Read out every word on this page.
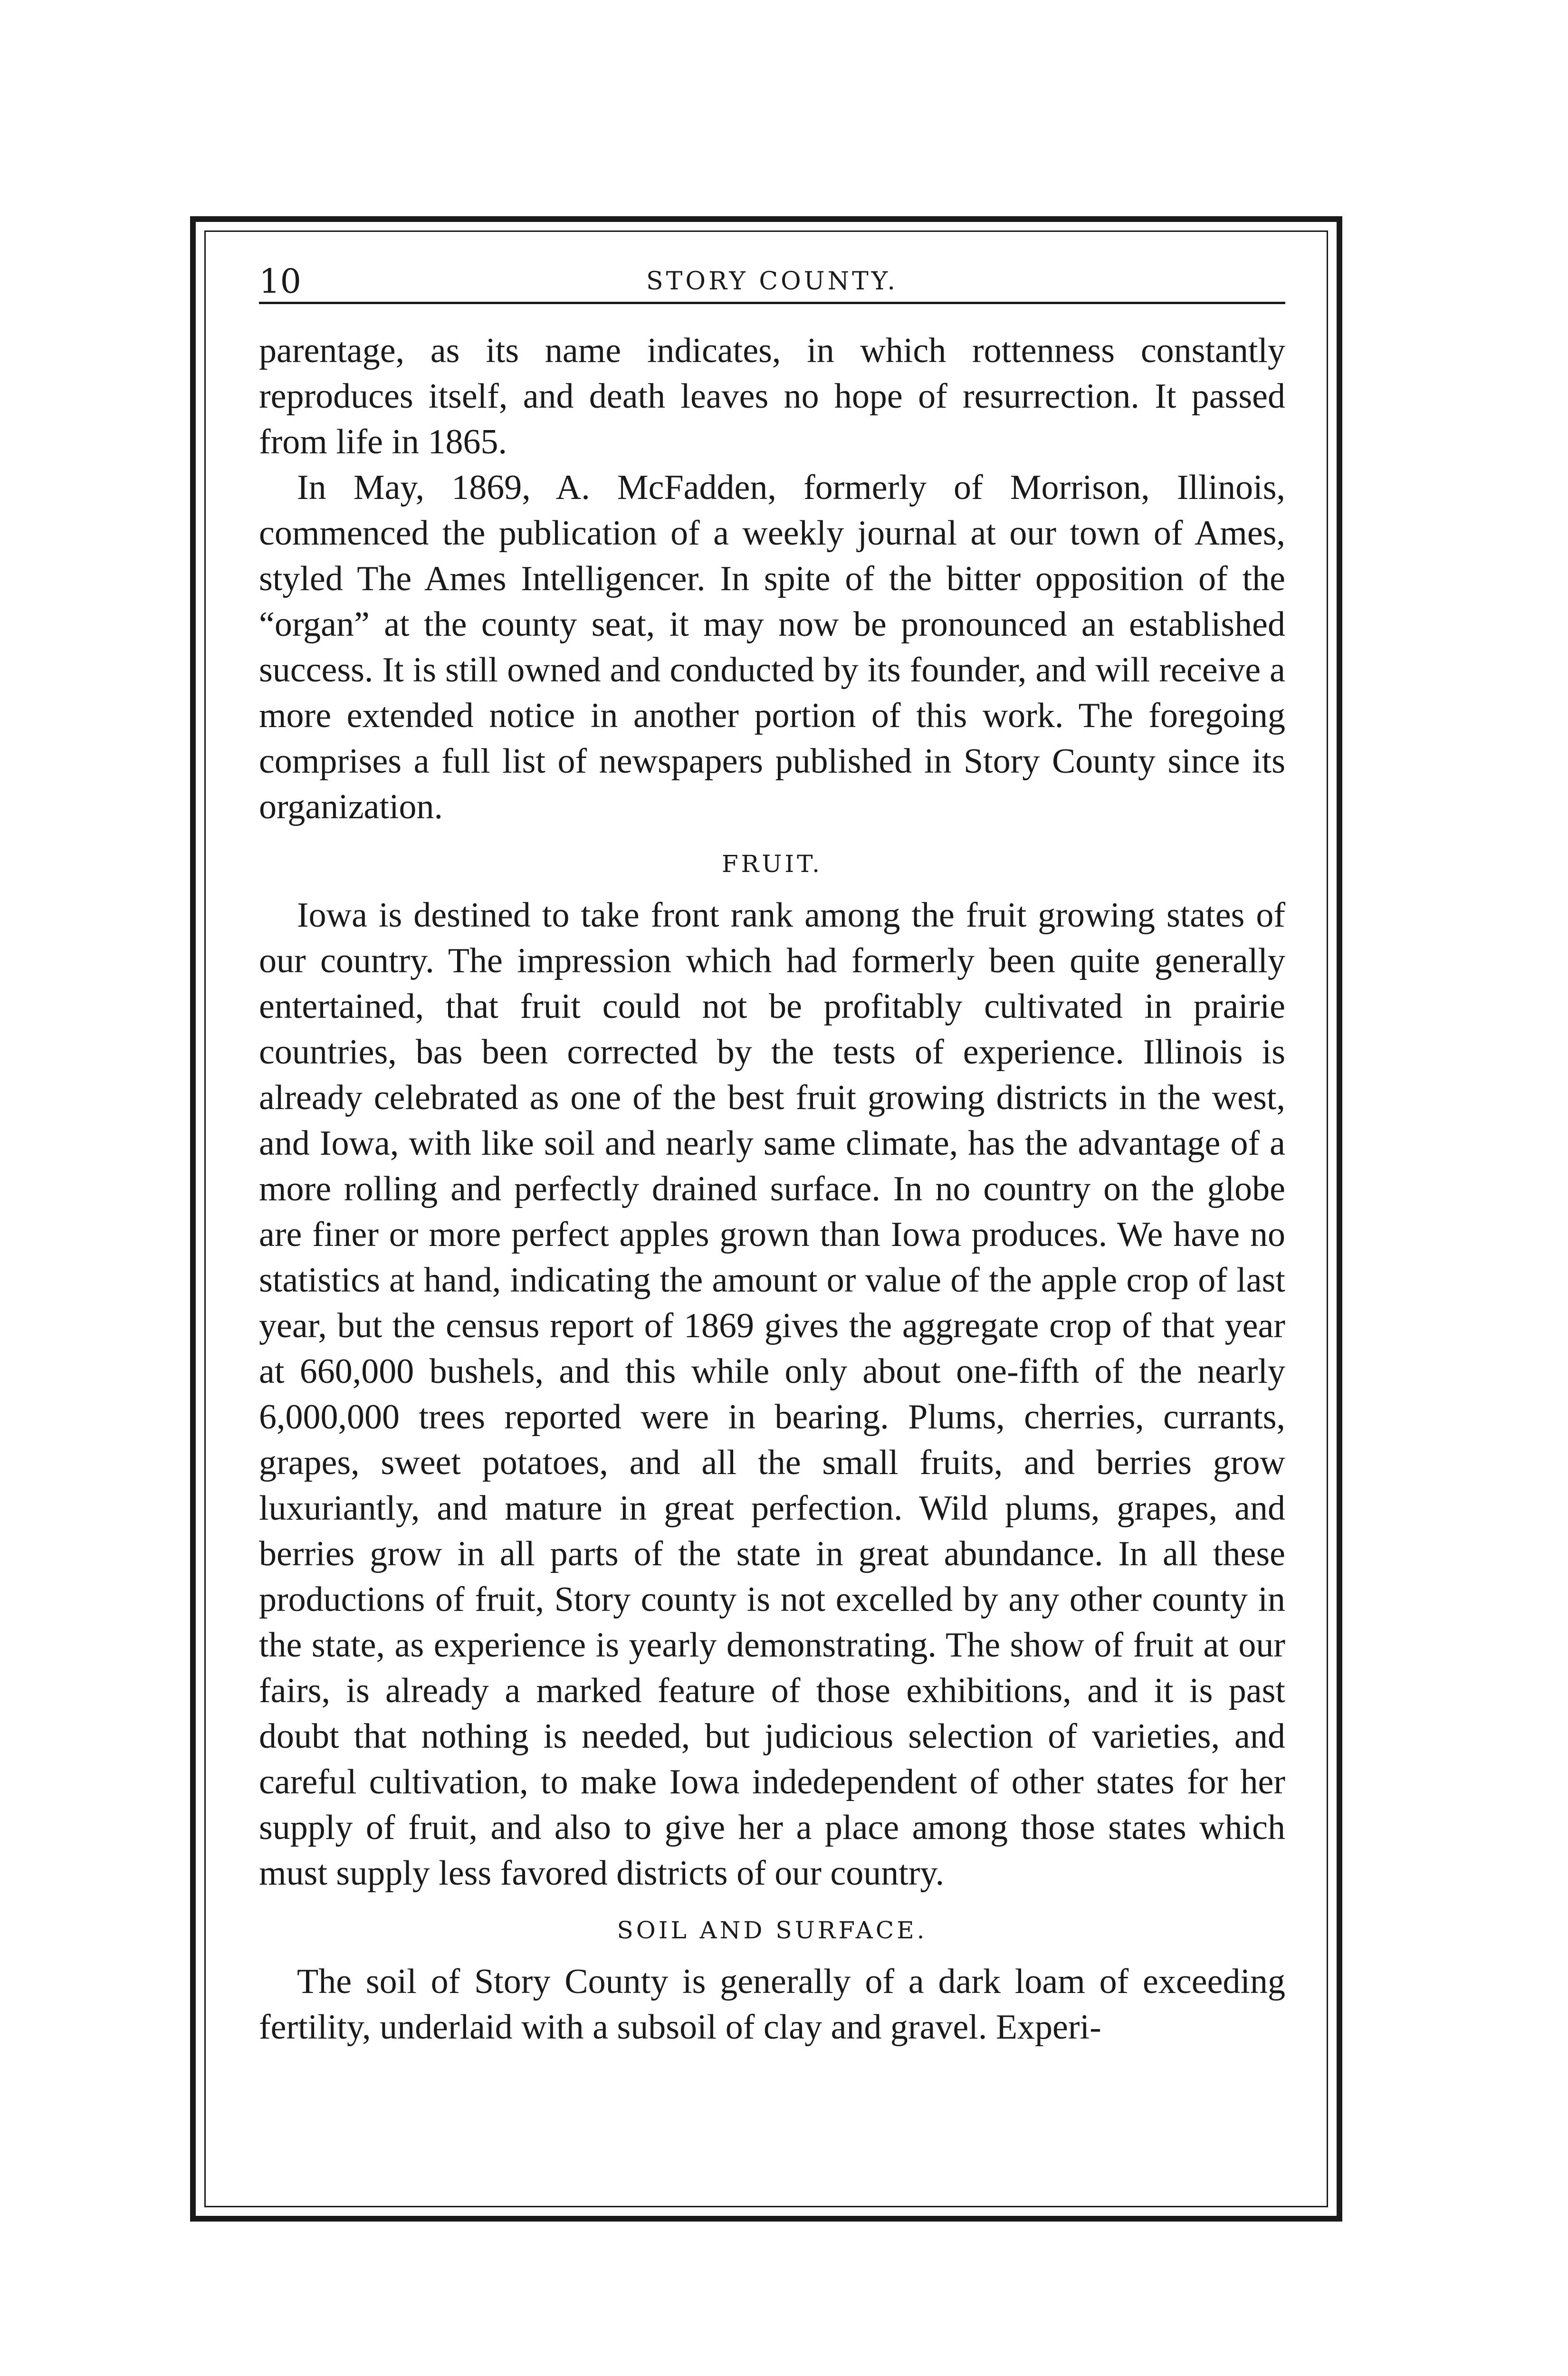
10	STORY COUNTY.

parentage, as its name indicates, in which rottenness constantly reproduces itself, and death leaves no hope of resurrection. It passed from life in 1865.

In May, 1869, A. McFadden, formerly of Morrison, Illinois, commenced the publication of a weekly journal at our town of Ames, styled The Ames Intelligencer. In spite of the bitter opposition of the “organ” at the county seat, it may now be pronounced an established success. It is still owned and conducted by its founder, and will receive a more extended notice in another portion of this work. The foregoing comprises a full list of newspapers published in Story County since its organization.

FRUIT.

Iowa is destined to take front rank among the fruit growing states of our country. The impression which had formerly been quite generally entertained, that fruit could not be profitably cultivated in prairie countries, bas been corrected by the tests of experience. Illinois is already celebrated as one of the best fruit growing districts in the west, and Iowa, with like soil and nearly same climate, has the advantage of a more rolling and perfectly drained surface. In no country on the globe are finer or more perfect apples grown than Iowa produces. We have no statistics at hand, indicating the amount or value of the apple crop of last year, but the census report of 1869 gives the aggregate crop of that year at 660,000 bushels, and this while only about one-fifth of the nearly 6,000,000 trees reported were in bearing. Plums, cherries, currants, grapes, sweet potatoes, and all the small fruits, and berries grow luxuriantly, and mature in great perfection. Wild plums, grapes, and berries grow in all parts of the state in great abundance. In all these productions of fruit, Story county is not excelled by any other county in the state, as experience is yearly demonstrating. The show of fruit at our fairs, is already a marked feature of those exhibitions, and it is past doubt that nothing is needed, but judicious selection of varieties, and careful cultivation, to make Iowa indedependent of other states for her supply of fruit, and also to give her a place among those states which must supply less favored districts of our country.

SOIL AND SURFACE.

The soil of Story County is generally of a dark loam of exceeding fertility, underlaid with a subsoil of clay and gravel. Experi-
